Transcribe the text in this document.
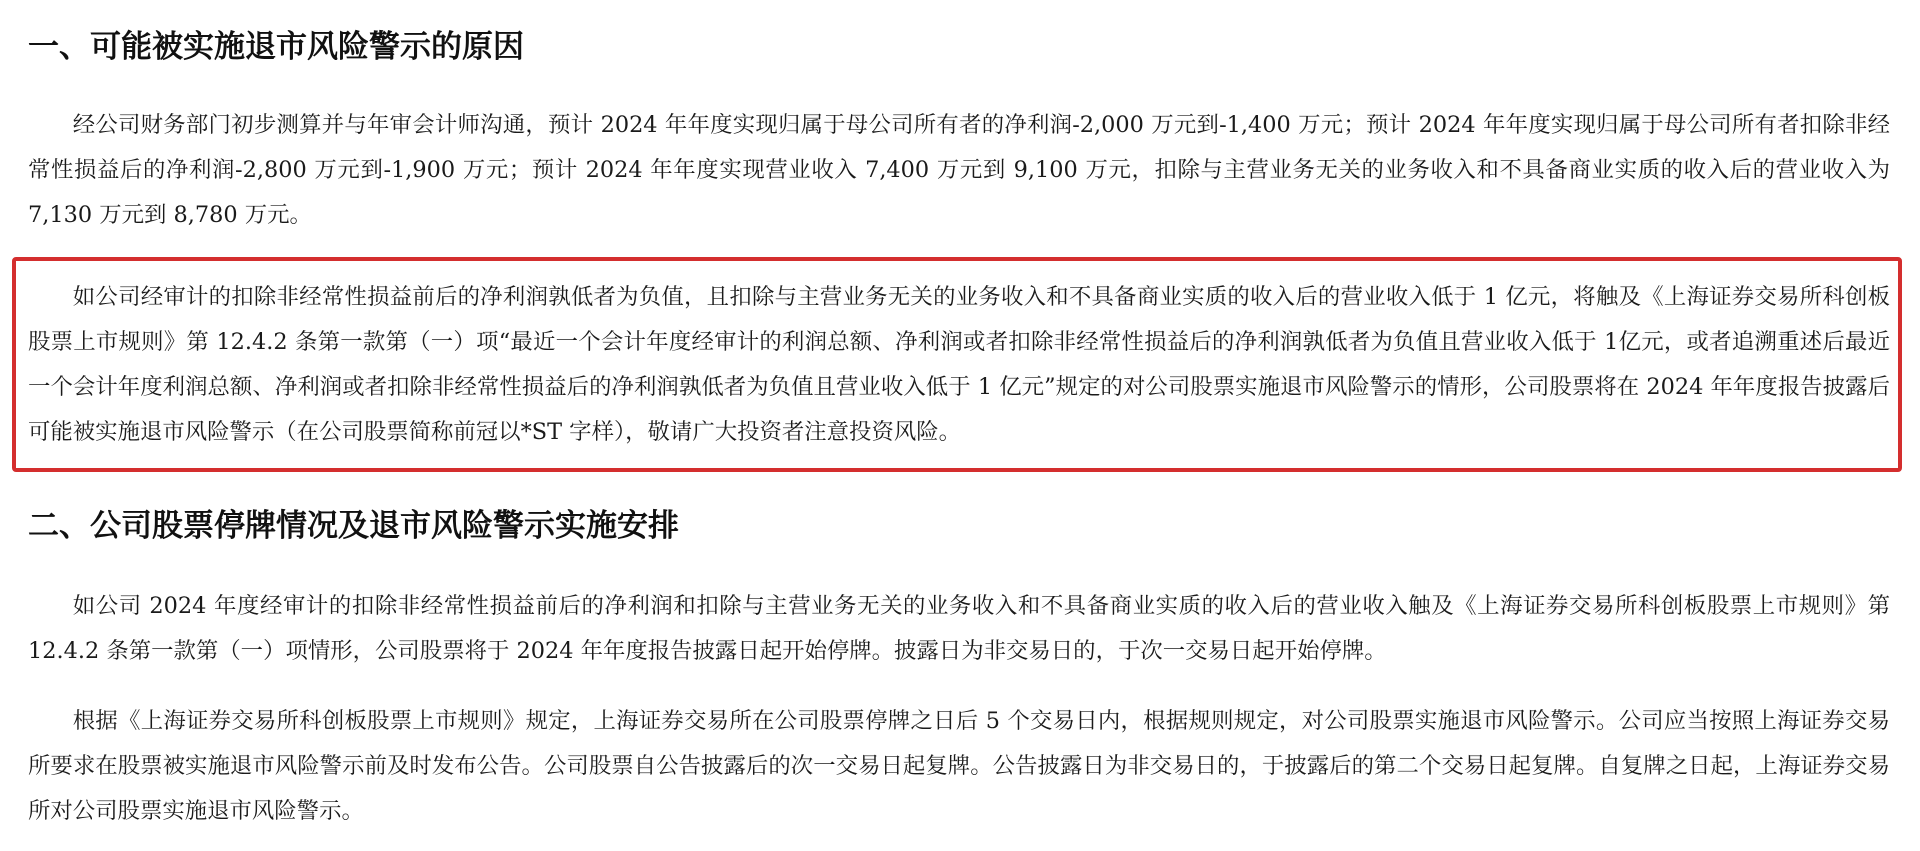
一、可能被实施退市风险警示的原因

经公司财务部门初步测算并与年审会计师沟通，预计 2024 年年度实现归属于母公司所有者的净利润-2,000 万元到-1,400 万元；预计 2024 年年度实现归属于母公司所有者扣除非经常性损益后的净利润-2,800 万元到-1,900 万元；预计 2024 年年度实现营业收入 7,400 万元到 9,100 万元，扣除与主营业务无关的业务收入和不具备商业实质的收入后的营业收入为 7,130 万元到 8,780 万元。

如公司经审计的扣除非经常性损益前后的净利润孰低者为负值，且扣除与主营业务无关的业务收入和不具备商业实质的收入后的营业收入低于 1 亿元，将触及《上海证券交易所科创板股票上市规则》第 12.4.2 条第一款第（一）项“最近一个会计年度经审计的利润总额、净利润或者扣除非经常性损益后的净利润孰低者为负值且营业收入低于 1亿元，或者追溯重述后最近一个会计年度利润总额、净利润或者扣除非经常性损益后的净利润孰低者为负值且营业收入低于 1 亿元”规定的对公司股票实施退市风险警示的情形，公司股票将在 2024 年年度报告披露后可能被实施退市风险警示（在公司股票简称前冠以*ST 字样），敬请广大投资者注意投资风险。

二、公司股票停牌情况及退市风险警示实施安排

如公司 2024 年度经审计的扣除非经常性损益前后的净利润和扣除与主营业务无关的业务收入和不具备商业实质的收入后的营业收入触及《上海证券交易所科创板股票上市规则》第 12.4.2 条第一款第（一）项情形，公司股票将于 2024 年年度报告披露日起开始停牌。披露日为非交易日的，于次一交易日起开始停牌。

根据《上海证券交易所科创板股票上市规则》规定，上海证券交易所在公司股票停牌之日后 5 个交易日内，根据规则规定，对公司股票实施退市风险警示。公司应当按照上海证券交易所要求在股票被实施退市风险警示前及时发布公告。公司股票自公告披露后的次一交易日起复牌。公告披露日为非交易日的，于披露后的第二个交易日起复牌。自复牌之日起，上海证券交易所对公司股票实施退市风险警示。
